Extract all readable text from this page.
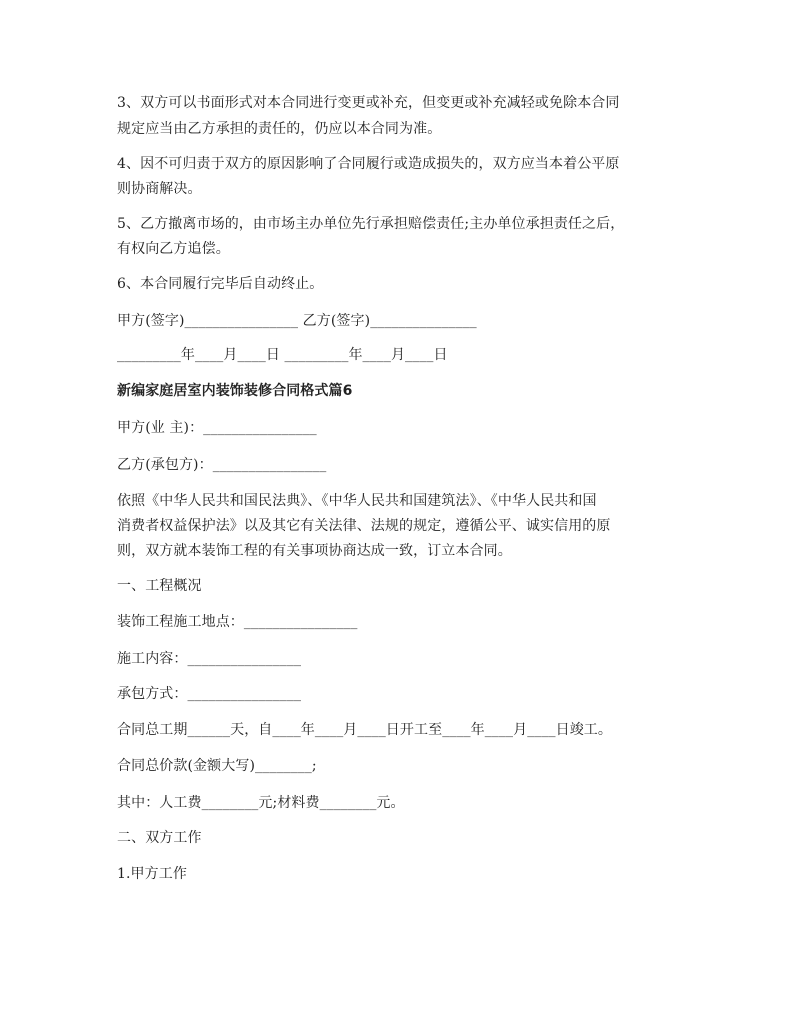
3、双方可以书面形式对本合同进行变更或补充，但变更或补充减轻或免除本合同
规定应当由乙方承担的责任的，仍应以本合同为准。
4、因不可归责于双方的原因影响了合同履行或造成损失的，双方应当本着公平原
则协商解决。
5、乙方撤离市场的，由市场主办单位先行承担赔偿责任;主办单位承担责任之后，
有权向乙方追偿。
6、本合同履行完毕后自动终止。
甲方(签字)________________ 乙方(签字)_______________
_________年____月____日 _________年____月____日
新编家庭居室内装饰装修合同格式篇6
甲方(业 主)：________________
乙方(承包方)：________________
依照《中华人民共和国民法典》、《中华人民共和国建筑法》、《中华人民共和国
消费者权益保护法》以及其它有关法律、法规的规定，遵循公平、诚实信用的原
则，双方就本装饰工程的有关事项协商达成一致，订立本合同。
一、工程概况
装饰工程施工地点：________________
施工内容：________________
承包方式：________________
合同总工期______天，自____年____月____日开工至____年____月____日竣工。
合同总价款(金额大写)________;
其中：人工费________元;材料费________元。
二、双方工作
1.甲方工作
